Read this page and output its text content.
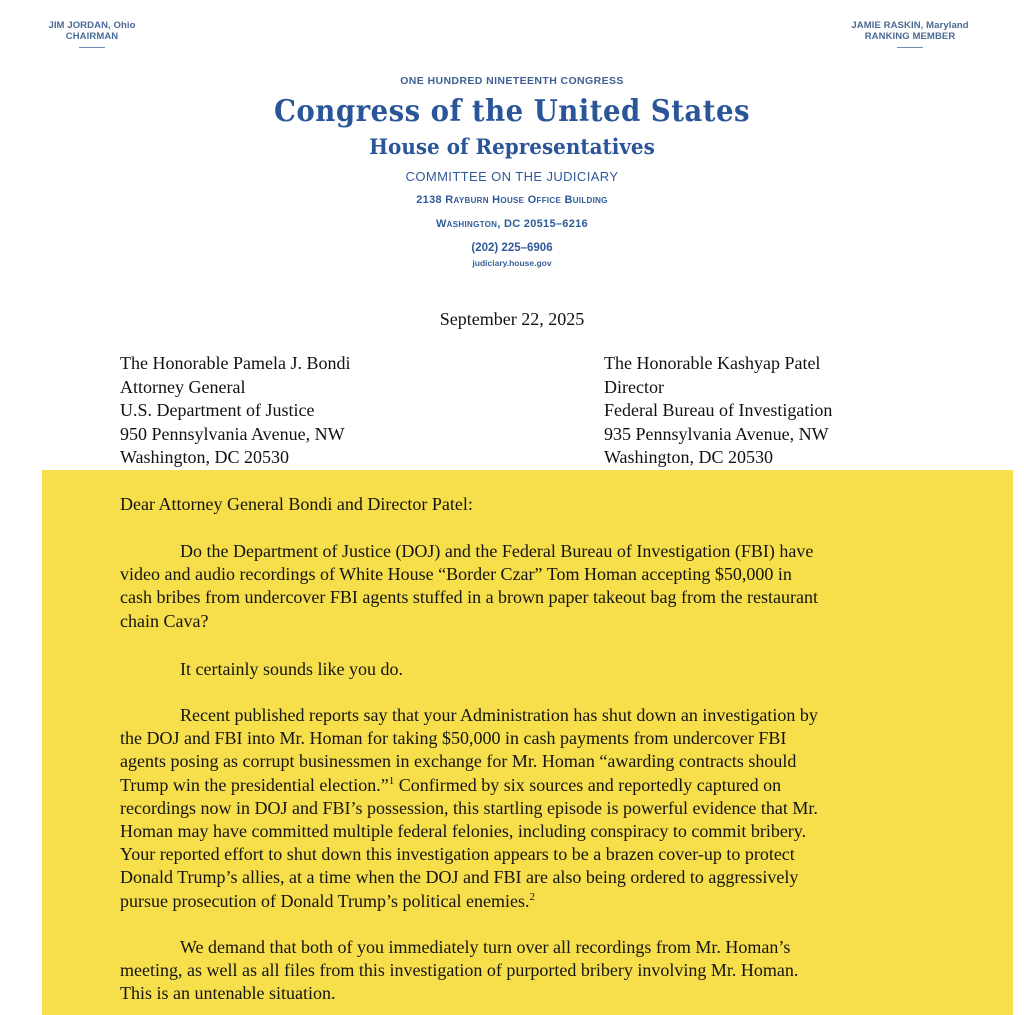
JIM JORDAN, Ohio
CHAIRMAN
JAMIE RASKIN, Maryland
RANKING MEMBER
ONE HUNDRED NINETEENTH CONGRESS
Congress of the United States
House of Representatives
COMMITTEE ON THE JUDICIARY
2138 Rayburn House Office Building
Washington, DC 20515–6216
(202) 225–6906
judiciary.house.gov
September 22, 2025
The Honorable Pamela J. Bondi
Attorney General
U.S. Department of Justice
950 Pennsylvania Avenue, NW
Washington, DC 20530
The Honorable Kashyap Patel
Director
Federal Bureau of Investigation
935 Pennsylvania Avenue, NW
Washington, DC 20530
Dear Attorney General Bondi and Director Patel:
Do the Department of Justice (DOJ) and the Federal Bureau of Investigation (FBI) have
video and audio recordings of White House “Border Czar” Tom Homan accepting $50,000 in
cash bribes from undercover FBI agents stuffed in a brown paper takeout bag from the restaurant
chain Cava?
It certainly sounds like you do.
Recent published reports say that your Administration has shut down an investigation by
the DOJ and FBI into Mr. Homan for taking $50,000 in cash payments from undercover FBI
agents posing as corrupt businessmen in exchange for Mr. Homan “awarding contracts should
Trump win the presidential election.”$^1$ Confirmed by six sources and reportedly captured on
recordings now in DOJ and FBI’s possession, this startling episode is powerful evidence that Mr.
Homan may have committed multiple federal felonies, including conspiracy to commit bribery.
Your reported effort to shut down this investigation appears to be a brazen cover-up to protect
Donald Trump’s allies, at a time when the DOJ and FBI are also being ordered to aggressively
pursue prosecution of Donald Trump’s political enemies.$^2$
We demand that both of you immediately turn over all recordings from Mr. Homan’s
meeting, as well as all files from this investigation of purported bribery involving Mr. Homan.
This is an untenable situation.
